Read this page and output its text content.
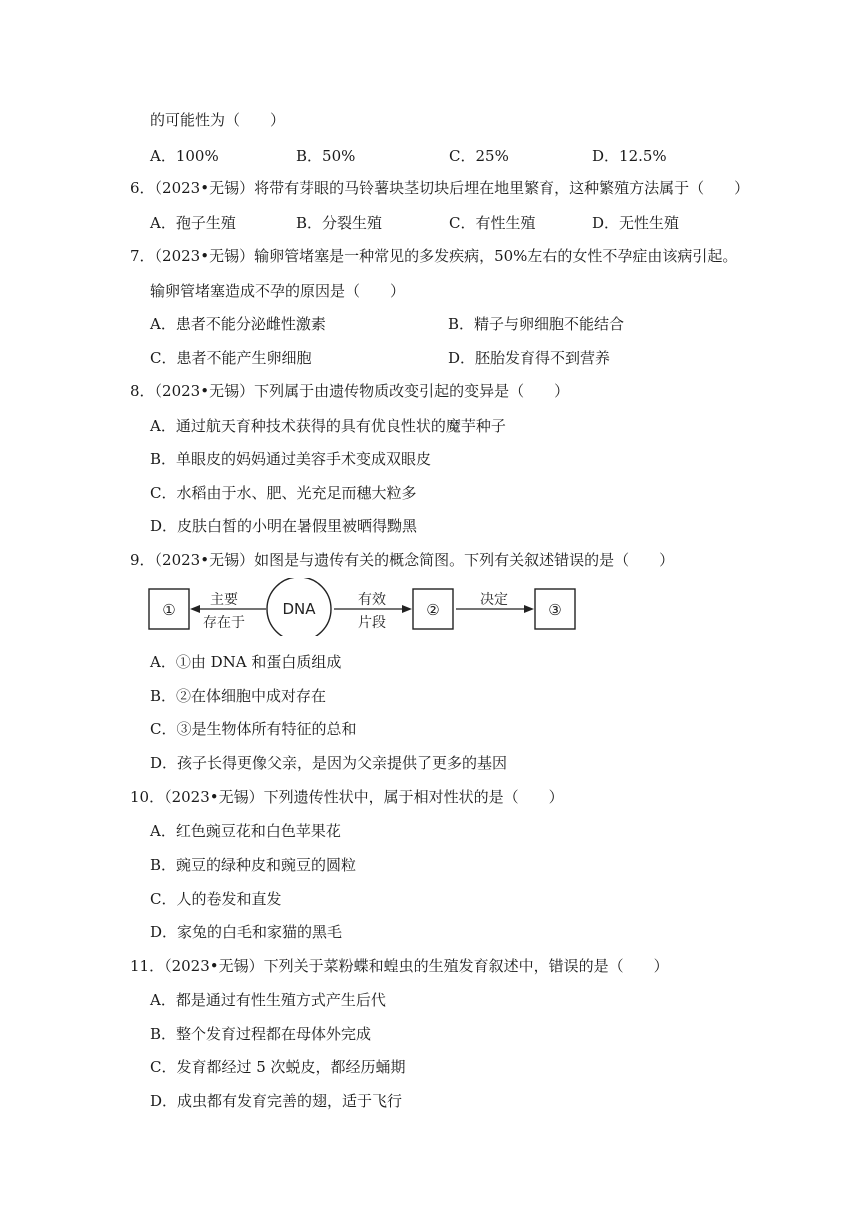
的可能性为（　　）
A．100%	B．50%	C．25%	D．12.5%
6．（2023•无锡）将带有芽眼的马铃薯块茎切块后埋在地里繁育，这种繁殖方法属于（　　）
A．孢子生殖	B．分裂生殖	C．有性生殖	D．无性生殖
7．（2023•无锡）输卵管堵塞是一种常见的多发疾病，50%左右的女性不孕症由该病引起。
输卵管堵塞造成不孕的原因是（　　）
A．患者不能分泌雌性激素	B．精子与卵细胞不能结合
C．患者不能产生卵细胞	D．胚胎发育得不到营养
8．（2023•无锡）下列属于由遗传物质改变引起的变异是（　　）
A．通过航天育种技术获得的具有优良性状的魔芋种子
B．单眼皮的妈妈通过美容手术变成双眼皮
C．水稻由于水、肥、光充足而穗大粒多
D．皮肤白皙的小明在暑假里被晒得黝黑
9．（2023•无锡）如图是与遗传有关的概念简图。下列有关叙述错误的是（　　）
①
主要
存在于
DNA	有效
片段
②
决定
③
A．①由 DNA 和蛋白质组成
B．②在体细胞中成对存在
C．③是生物体所有特征的总和
D．孩子长得更像父亲，是因为父亲提供了更多的基因
10．（2023•无锡）下列遗传性状中，属于相对性状的是（　　）
A．红色豌豆花和白色苹果花
B．豌豆的绿种皮和豌豆的圆粒
C．人的卷发和直发
D．家兔的白毛和家猫的黑毛
11．（2023•无锡）下列关于菜粉蝶和蝗虫的生殖发育叙述中，错误的是（　　）
A．都是通过有性生殖方式产生后代
B．整个发育过程都在母体外完成
C．发育都经过 5 次蜕皮，都经历蛹期
D．成虫都有发育完善的翅，适于飞行
